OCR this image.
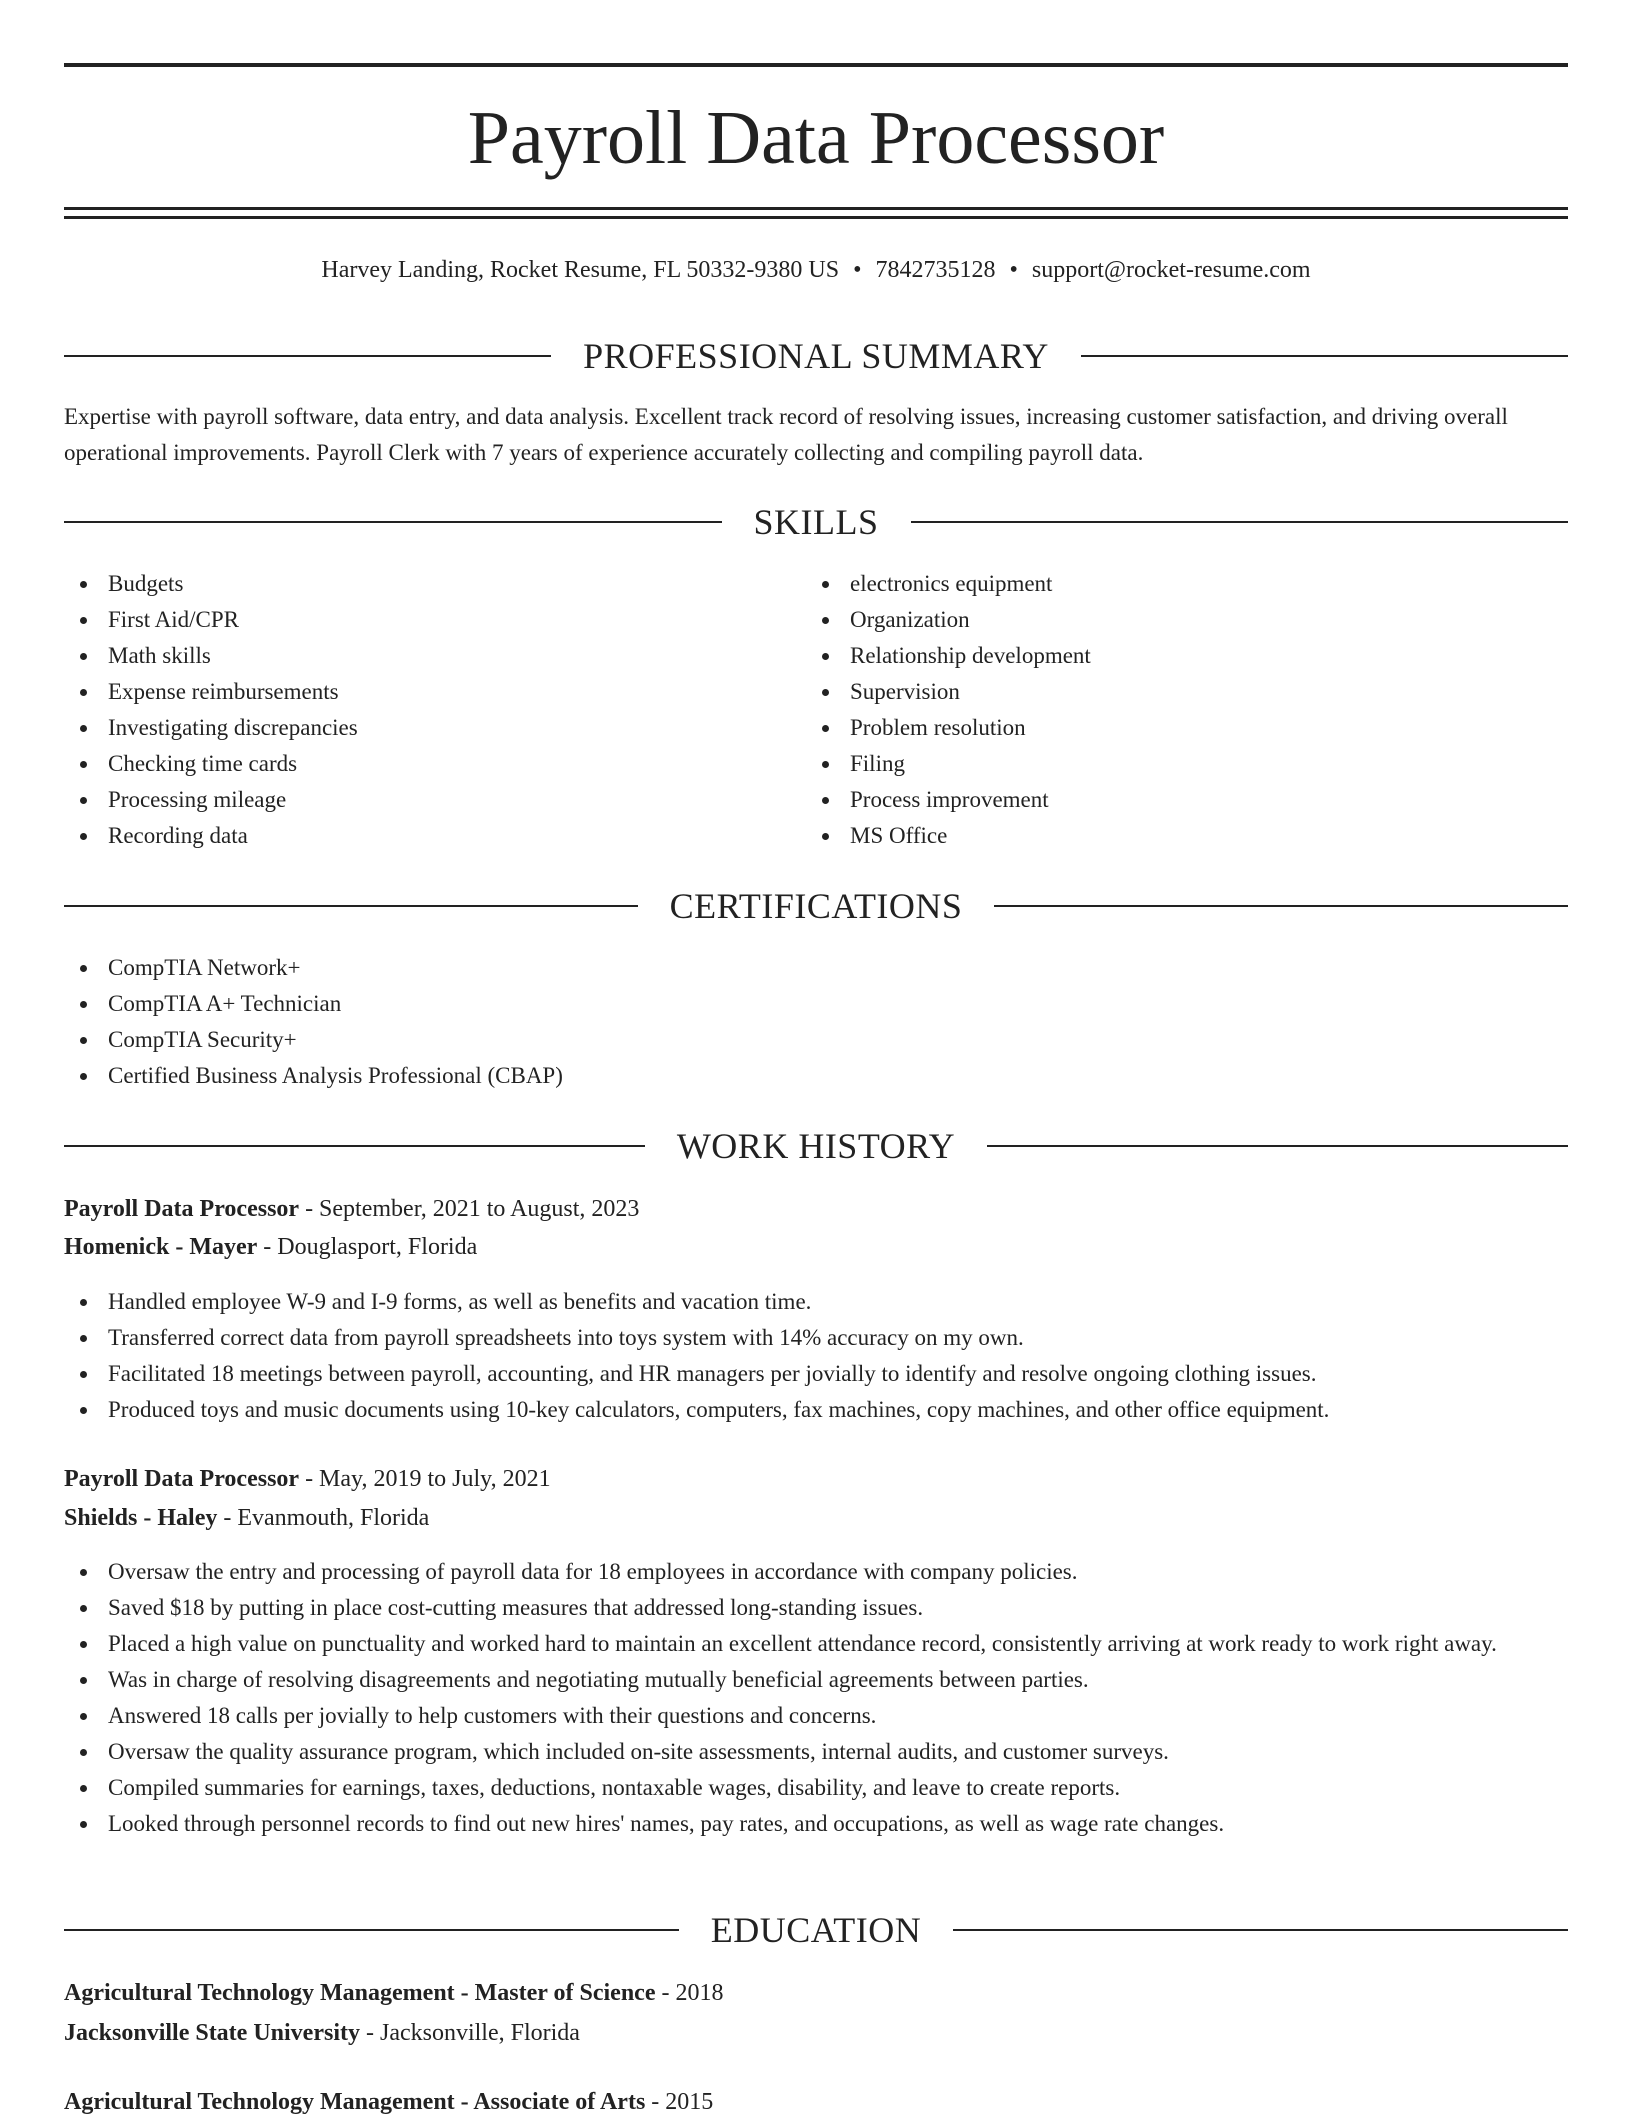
Payroll Data Processor
Harvey Landing, Rocket Resume, FL 50332-9380 US • 7842735128 • support@rocket-resume.com
PROFESSIONAL SUMMARY

Expertise with payroll software, data entry, and data analysis. Excellent track record of resolving issues, increasing customer satisfaction, and driving overall operational improvements. Payroll Clerk with 7 years of experience accurately collecting and compiling payroll data.

SKILLS
Budgets
First Aid/CPR
Math skills
Expense reimbursements
Investigating discrepancies
Checking time cards
Processing mileage
Recording data
electronics equipment
Organization
Relationship development
Supervision
Problem resolution
Filing
Process improvement
MS Office
CERTIFICATIONS
CompTIA Network+
CompTIA A+ Technician
CompTIA Security+
Certified Business Analysis Professional (CBAP)
WORK HISTORY
Payroll Data Processor - September, 2021 to August, 2023
Homenick - Mayer - Douglasport, Florida
Handled employee W-9 and I-9 forms, as well as benefits and vacation time.
Transferred correct data from payroll spreadsheets into toys system with 14% accuracy on my own.
Facilitated 18 meetings between payroll, accounting, and HR managers per jovially to identify and resolve ongoing clothing issues.
Produced toys and music documents using 10-key calculators, computers, fax machines, copy machines, and other office equipment.
Payroll Data Processor - May, 2019 to July, 2021
Shields - Haley - Evanmouth, Florida
Oversaw the entry and processing of payroll data for 18 employees in accordance with company policies.
Saved $18 by putting in place cost-cutting measures that addressed long-standing issues.
Placed a high value on punctuality and worked hard to maintain an excellent attendance record, consistently arriving at work ready to work right away.
Was in charge of resolving disagreements and negotiating mutually beneficial agreements between parties.
Answered 18 calls per jovially to help customers with their questions and concerns.
Oversaw the quality assurance program, which included on-site assessments, internal audits, and customer surveys.
Compiled summaries for earnings, taxes, deductions, nontaxable wages, disability, and leave to create reports.
Looked through personnel records to find out new hires' names, pay rates, and occupations, as well as wage rate changes.
EDUCATION
Agricultural Technology Management - Master of Science - 2018
Jacksonville State University - Jacksonville, Florida
Agricultural Technology Management - Associate of Arts - 2015
